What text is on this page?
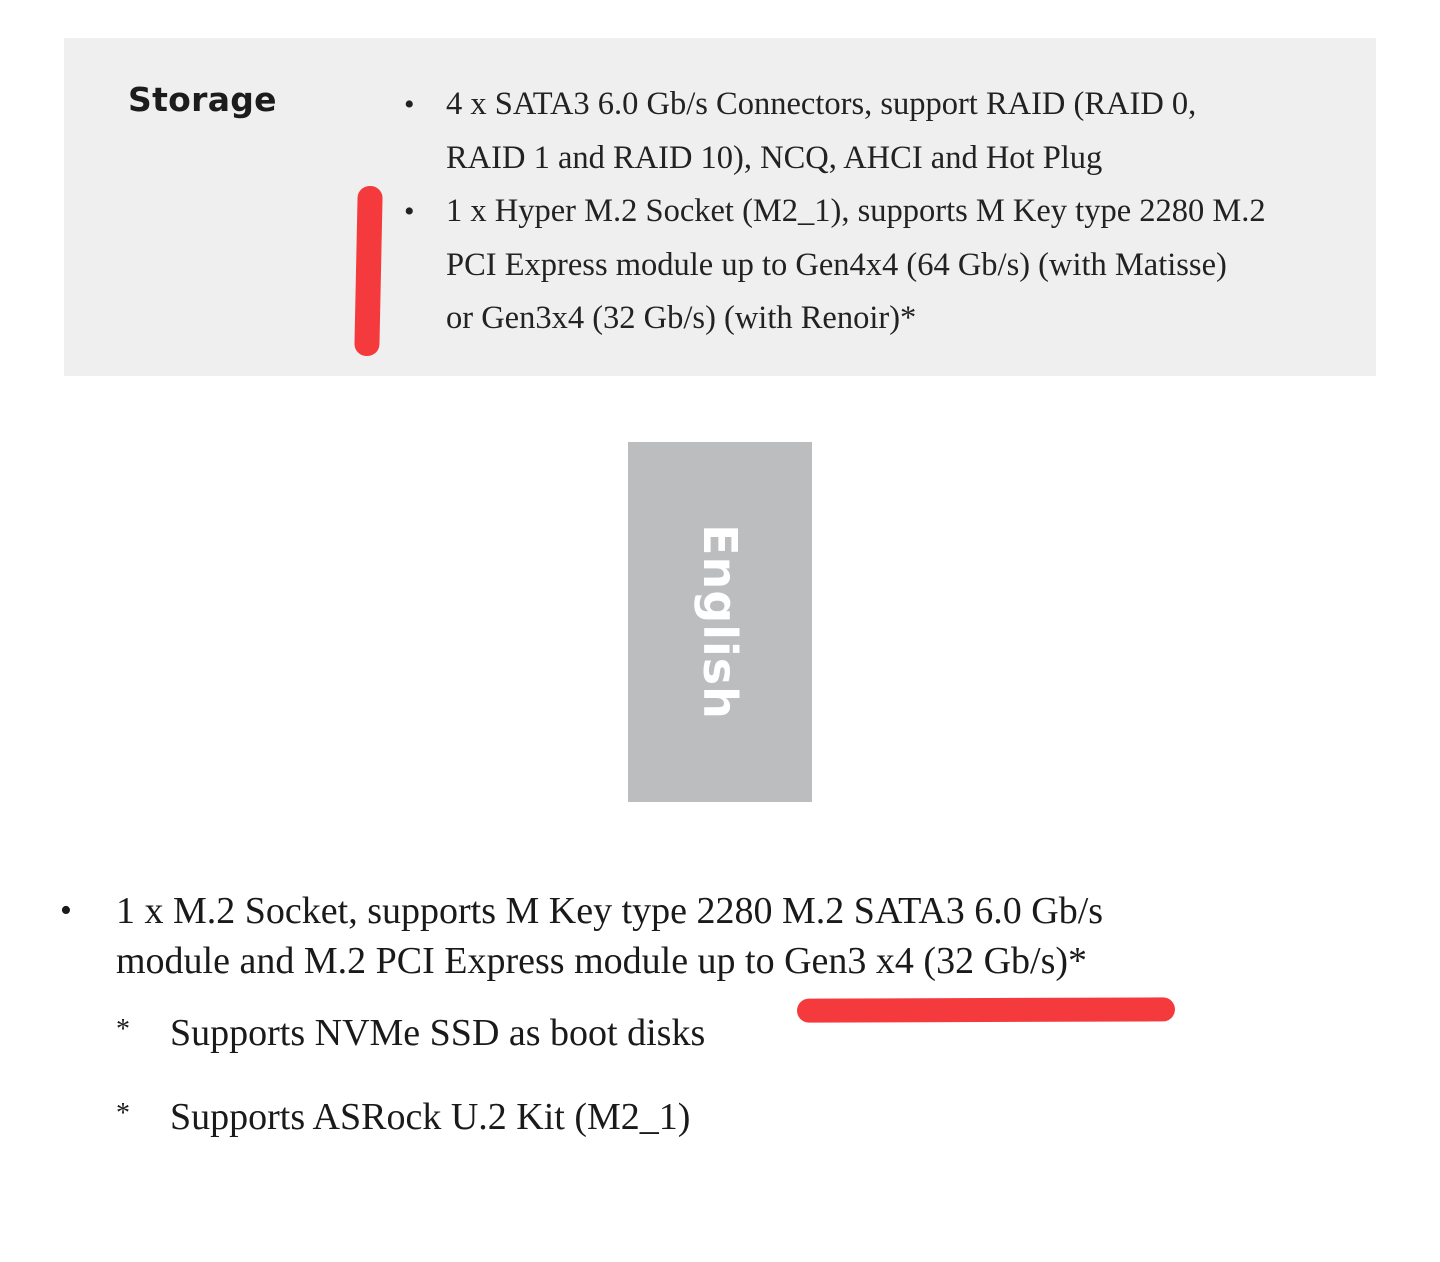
Storage	• 4 x SATA3 6.0 Gb/s Connectors, support RAID (RAID 0,
RAID 1 and RAID 10), NCQ, AHCI and Hot Plug
• 1 x Hyper M.2 Socket (M2_1), supports M Key type 2280 M.2
PCI Express module up to Gen4x4 (64 Gb/s) (with Matisse)
or Gen3x4 (32 Gb/s) (with Renoir)*
English
• 1 x M.2 Socket, supports M Key type 2280 M.2 SATA3 6.0 Gb/s
module and M.2 PCI Express module up to Gen3 x4 (32 Gb/s)*
* Supports NVMe SSD as boot disks
* Supports ASRock U.2 Kit (M2_1)
